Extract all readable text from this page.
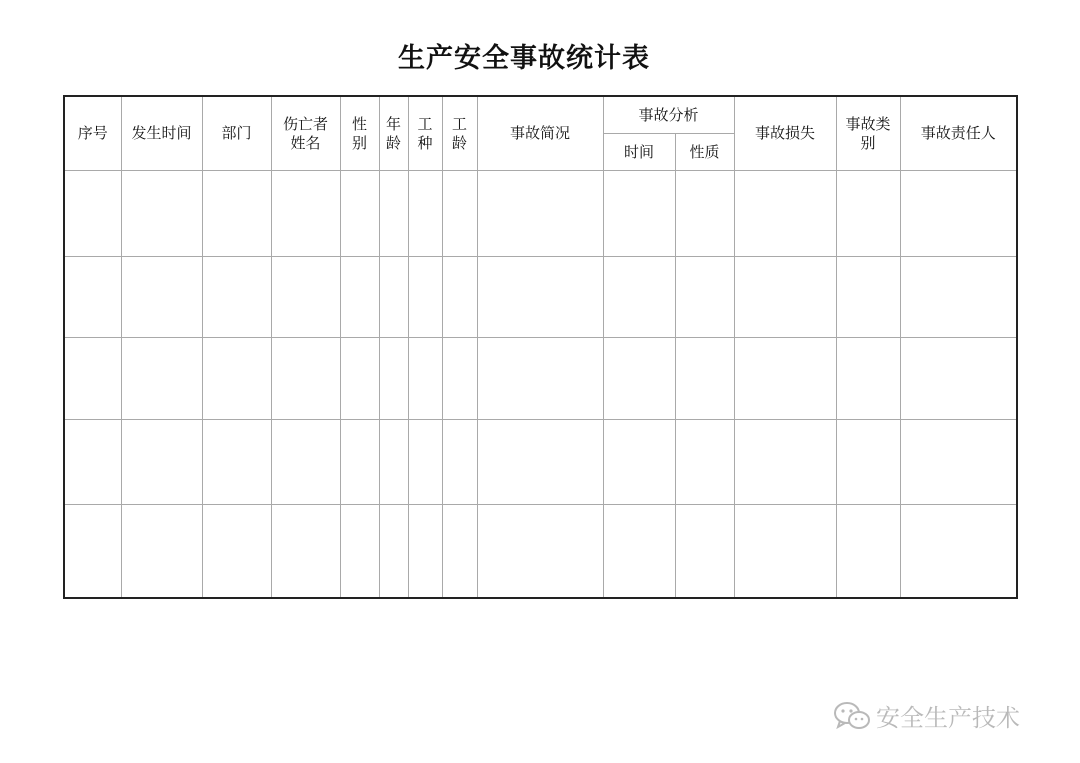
生产安全事故统计表
序号	发生时间	部门	伤亡者姓名	性别	年龄	工种	工龄	事故简况	事故分析		事故损失	事故类别	事故责任人
									时间	性质			

安全生产技术
